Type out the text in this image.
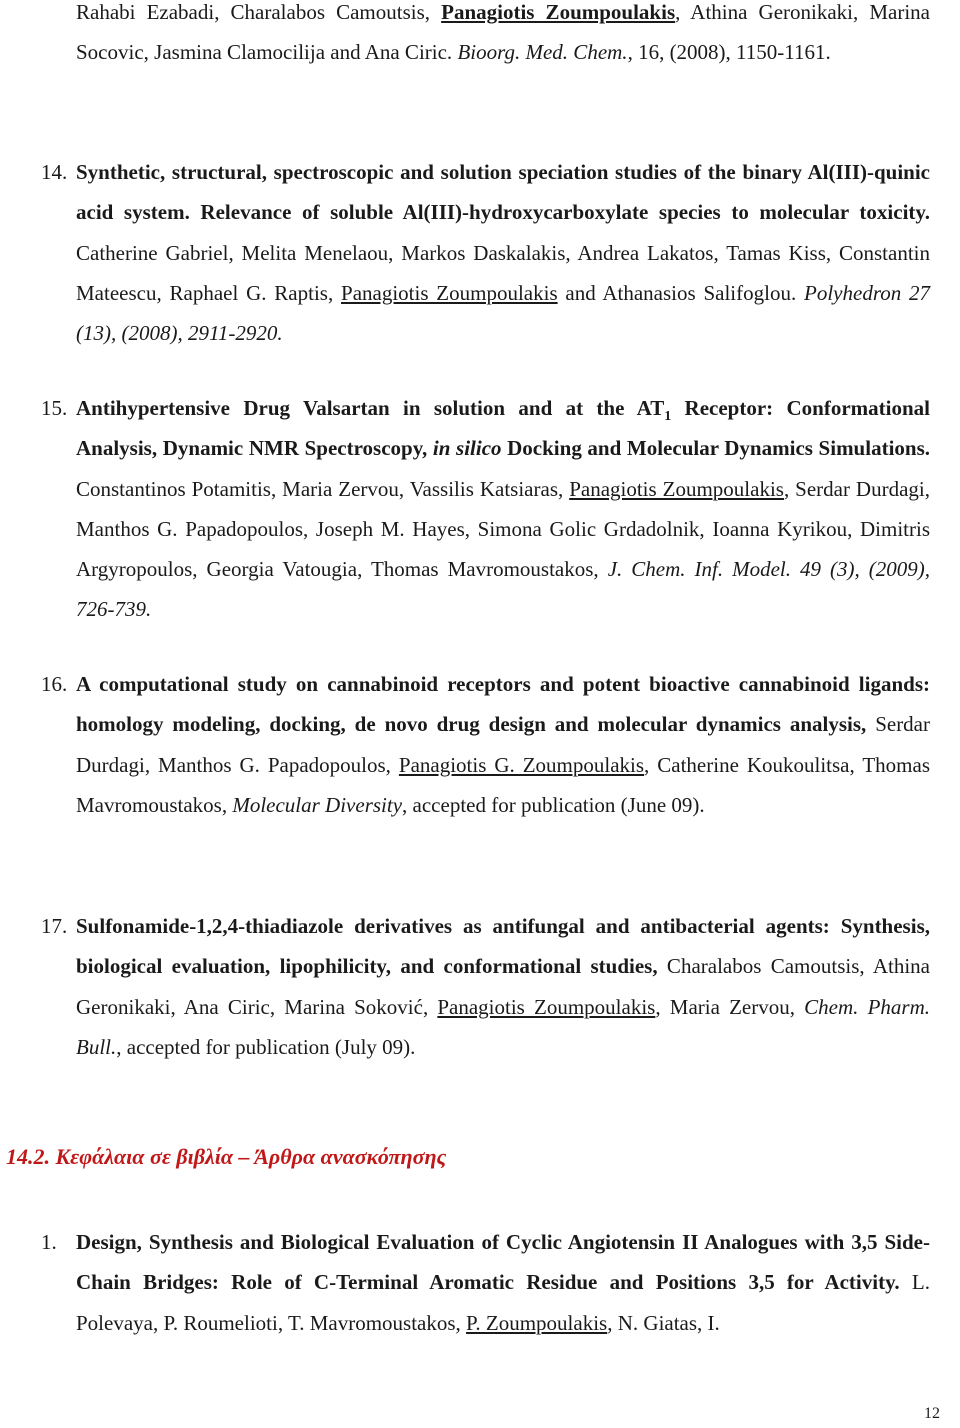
Rahabi Ezabadi, Charalabos Camoutsis, Panagiotis Zoumpoulakis, Athina Geronikaki, Marina Socovic, Jasmina Clamocilija and Ana Ciric. Bioorg. Med. Chem., 16, (2008), 1150-1161.

14. Synthetic, structural, spectroscopic and solution speciation studies of the binary Al(III)-quinic acid system. Relevance of soluble Al(III)-hydroxycarboxylate species to molecular toxicity. Catherine Gabriel, Melita Menelaou, Markos Daskalakis, Andrea Lakatos, Tamas Kiss, Constantin Mateescu, Raphael G. Raptis, Panagiotis Zoumpoulakis and Athanasios Salifoglou. Polyhedron 27 (13), (2008), 2911-2920.

15. Antihypertensive Drug Valsartan in solution and at the $AT_1$ Receptor: Conformational Analysis, Dynamic NMR Spectroscopy, in silico Docking and Molecular Dynamics Simulations. Constantinos Potamitis, Maria Zervou, Vassilis Katsiaras, Panagiotis Zoumpoulakis, Serdar Durdagi, Manthos G. Papadopoulos, Joseph M. Hayes, Simona Golic Grdadolnik, Ioanna Kyrikou, Dimitris Argyropoulos, Georgia Vatougia, Thomas Mavromoustakos, J. Chem. Inf. Model. 49 (3), (2009), 726-739.

16. A computational study on cannabinoid receptors and potent bioactive cannabinoid ligands: homology modeling, docking, de novo drug design and molecular dynamics analysis, Serdar Durdagi, Manthos G. Papadopoulos, Panagiotis G. Zoumpoulakis, Catherine Koukoulitsa, Thomas Mavromoustakos, Molecular Diversity, accepted for publication (June 09).

17. Sulfonamide-1,2,4-thiadiazole derivatives as antifungal and antibacterial agents: Synthesis, biological evaluation, lipophilicity, and conformational studies, Charalabos Camoutsis, Athina Geronikaki, Ana Ciric, Marina Soković, Panagiotis Zoumpoulakis, Maria Zervou, Chem. Pharm. Bull., accepted for publication (July 09).

14.2. Κεφάλαια σε βιβλία – Άρθρα ανασκόπησης

1. Design, Synthesis and Biological Evaluation of Cyclic Angiotensin II Analogues with 3,5 Side-Chain Bridges: Role of C-Terminal Aromatic Residue and Positions 3,5 for Activity. L. Polevaya, P. Roumelioti, T. Mavromoustakos, P. Zoumpoulakis, N. Giatas, I.

12
